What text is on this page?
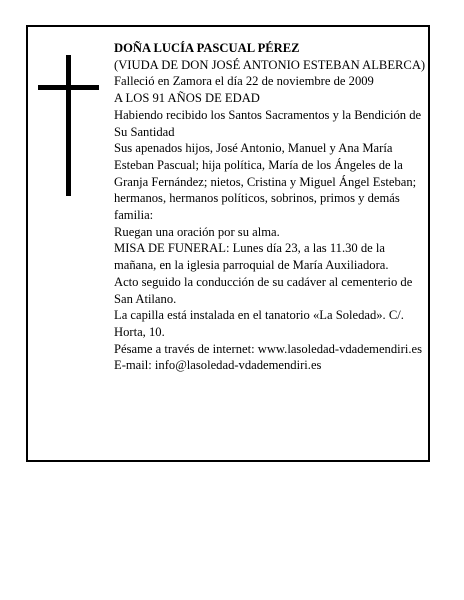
DOÑA LUCÍA PASCUAL PÉREZ

(VIUDA DE DON JOSÉ ANTONIO ESTEBAN ALBERCA)

Falleció en Zamora el día 22 de noviembre de 2009

A LOS 91 AÑOS DE EDAD

Habiendo recibido los Santos Sacramentos y la Bendición de Su Santidad

Sus apenados hijos, José Antonio, Manuel y Ana María Esteban Pascual; hija política, María de los Ángeles de la Granja Fernández; nietos, Cristina y Miguel Ángel Esteban; hermanos, hermanos políticos, sobrinos, primos y demás familia:

Ruegan una oración por su alma.

MISA DE FUNERAL: Lunes día 23, a las 11.30 de la mañana, en la iglesia parroquial de María Auxiliadora.

Acto seguido la conducción de su cadáver al cementerio de San Atilano.

La capilla está instalada en el tanatorio «La Soledad». C/. Horta, 10.

Pésame a través de internet: www.lasoledad-vdademendiri.es

E-mail: info@lasoledad-vdademendiri.es
